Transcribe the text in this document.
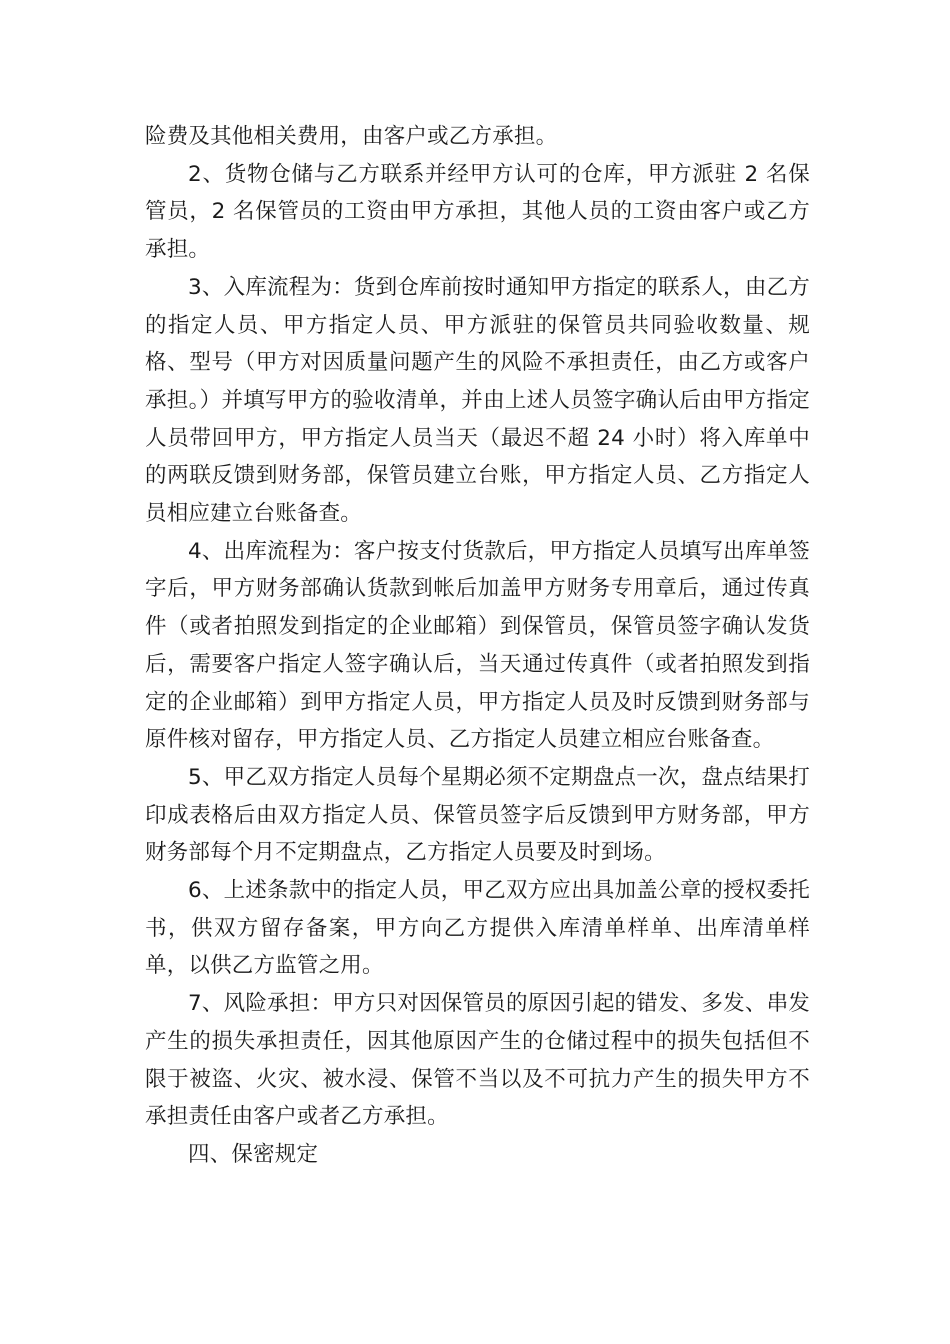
险费及其他相关费用，由客户或乙方承担。

2、货物仓储与乙方联系并经甲方认可的仓库，甲方派驻 2 名保管员，2 名保管员的工资由甲方承担，其他人员的工资由客户或乙方承担。

3、入库流程为：货到仓库前按时通知甲方指定的联系人，由乙方的指定人员、甲方指定人员、甲方派驻的保管员共同验收数量、规格、型号（甲方对因质量问题产生的风险不承担责任，由乙方或客户承担。）并填写甲方的验收清单，并由上述人员签字确认后由甲方指定人员带回甲方，甲方指定人员当天（最迟不超 24 小时）将入库单中的两联反馈到财务部，保管员建立台账，甲方指定人员、乙方指定人员相应建立台账备查。

4、出库流程为：客户按支付货款后，甲方指定人员填写出库单签字后，甲方财务部确认货款到帐后加盖甲方财务专用章后，通过传真件（或者拍照发到指定的企业邮箱）到保管员，保管员签字确认发货后，需要客户指定人签字确认后，当天通过传真件（或者拍照发到指定的企业邮箱）到甲方指定人员，甲方指定人员及时反馈到财务部与原件核对留存，甲方指定人员、乙方指定人员建立相应台账备查。

5、甲乙双方指定人员每个星期必须不定期盘点一次，盘点结果打印成表格后由双方指定人员、保管员签字后反馈到甲方财务部，甲方财务部每个月不定期盘点，乙方指定人员要及时到场。

6、上述条款中的指定人员，甲乙双方应出具加盖公章的授权委托书，供双方留存备案，甲方向乙方提供入库清单样单、出库清单样单，以供乙方监管之用。

7、风险承担：甲方只对因保管员的原因引起的错发、多发、串发产生的损失承担责任，因其他原因产生的仓储过程中的损失包括但不限于被盗、火灾、被水浸、保管不当以及不可抗力产生的损失甲方不承担责任由客户或者乙方承担。

四、保密规定
